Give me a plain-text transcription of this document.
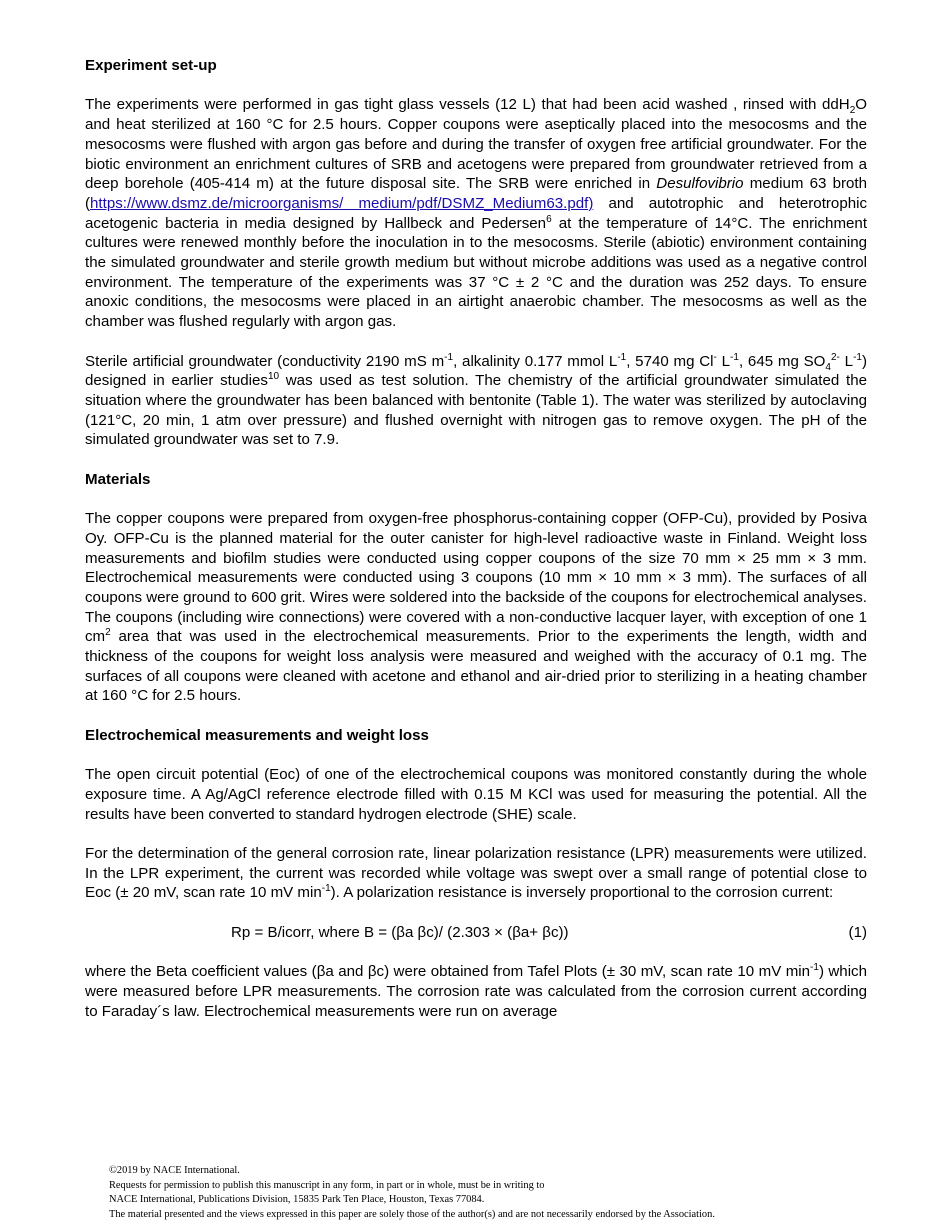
Experiment set-up

The experiments were performed in gas tight glass vessels (12 L) that had been acid washed , rinsed with ddH$_2$O and heat sterilized at 160 °C for 2.5 hours. Copper coupons were aseptically placed into the mesocosms and the mesocosms were flushed with argon gas before and during the transfer of oxygen free artificial groundwater. For the biotic environment an enrichment cultures of SRB and acetogens were prepared from groundwater retrieved from a deep borehole (405-414 m) at the future disposal site. The SRB were enriched in Desulfovibrio medium 63 broth (https://www.dsmz.de/microorganisms/ medium/pdf/DSMZ_Medium63.pdf) and autotrophic and heterotrophic acetogenic bacteria in media designed by Hallbeck and Pedersen$^6$ at the temperature of 14°C. The enrichment cultures were renewed monthly before the inoculation in to the mesocosms. Sterile (abiotic) environment containing the simulated groundwater and sterile growth medium but without microbe additions was used as a negative control environment. The temperature of the experiments was 37 °C ± 2 °C and the duration was 252 days. To ensure anoxic conditions, the mesocosms were placed in an airtight anaerobic chamber. The mesocosms as well as the chamber was flushed regularly with argon gas.

Sterile artificial groundwater (conductivity 2190 mS $m^{-1}$, alkalinity 0.177 mmol $L^{-1}$, 5740 mg Cl- $L^{-1}$, 645 mg $SO_4^{2-}$ $L^{-1}$) designed in earlier studies$^{10}$ was used as test solution. The chemistry of the artificial groundwater simulated the situation where the groundwater has been balanced with bentonite (Table 1). The water was sterilized by autoclaving (121°C, 20 min, 1 atm over pressure) and flushed overnight with nitrogen gas to remove oxygen. The pH of the simulated groundwater was set to 7.9.

Materials

The copper coupons were prepared from oxygen-free phosphorus-containing copper (OFP-Cu), provided by Posiva Oy. OFP-Cu is the planned material for the outer canister for high-level radioactive waste in Finland. Weight loss measurements and biofilm studies were conducted using copper coupons of the size 70 mm × 25 mm × 3 mm. Electrochemical measurements were conducted using 3 coupons (10 mm × 10 mm × 3 mm). The surfaces of all coupons were ground to 600 grit. Wires were soldered into the backside of the coupons for electrochemical analyses. The coupons (including wire connections) were covered with a non-conductive lacquer layer, with exception of one 1 $cm^2$ area that was used in the electrochemical measurements. Prior to the experiments the length, width and thickness of the coupons for weight loss analysis were measured and weighed with the accuracy of 0.1 mg. The surfaces of all coupons were cleaned with acetone and ethanol and air-dried prior to sterilizing in a heating chamber at 160 °C for 2.5 hours.

Electrochemical measurements and weight loss

The open circuit potential (Eoc) of one of the electrochemical coupons was monitored constantly during the whole exposure time. A Ag/AgCl reference electrode filled with 0.15 M KCl was used for measuring the potential. All the results have been converted to standard hydrogen electrode (SHE) scale.

For the determination of the general corrosion rate, linear polarization resistance (LPR) measurements were utilized. In the LPR experiment, the current was recorded while voltage was swept over a small range of potential close to Eoc (± 20 mV, scan rate 10 mV $\min^{-1}$). A polarization resistance is inversely proportional to the corrosion current:

Rp = B/icorr, where B = (βa βc)/ (2.303 × (βa+ βc))	(1)

where the Beta coefficient values (βa and βc) were obtained from Tafel Plots (± 30 mV, scan rate 10 mV $\min^{-1}$) which were measured before LPR measurements. The corrosion rate was calculated from the corrosion current according to Faraday´s law. Electrochemical measurements were run on average

©2019 by NACE International.
Requests for permission to publish this manuscript in any form, in part or in whole, must be in writing to
NACE International, Publications Division, 15835 Park Ten Place, Houston, Texas 77084.
The material presented and the views expressed in this paper are solely those of the author(s) and are not necessarily endorsed by the Association.
